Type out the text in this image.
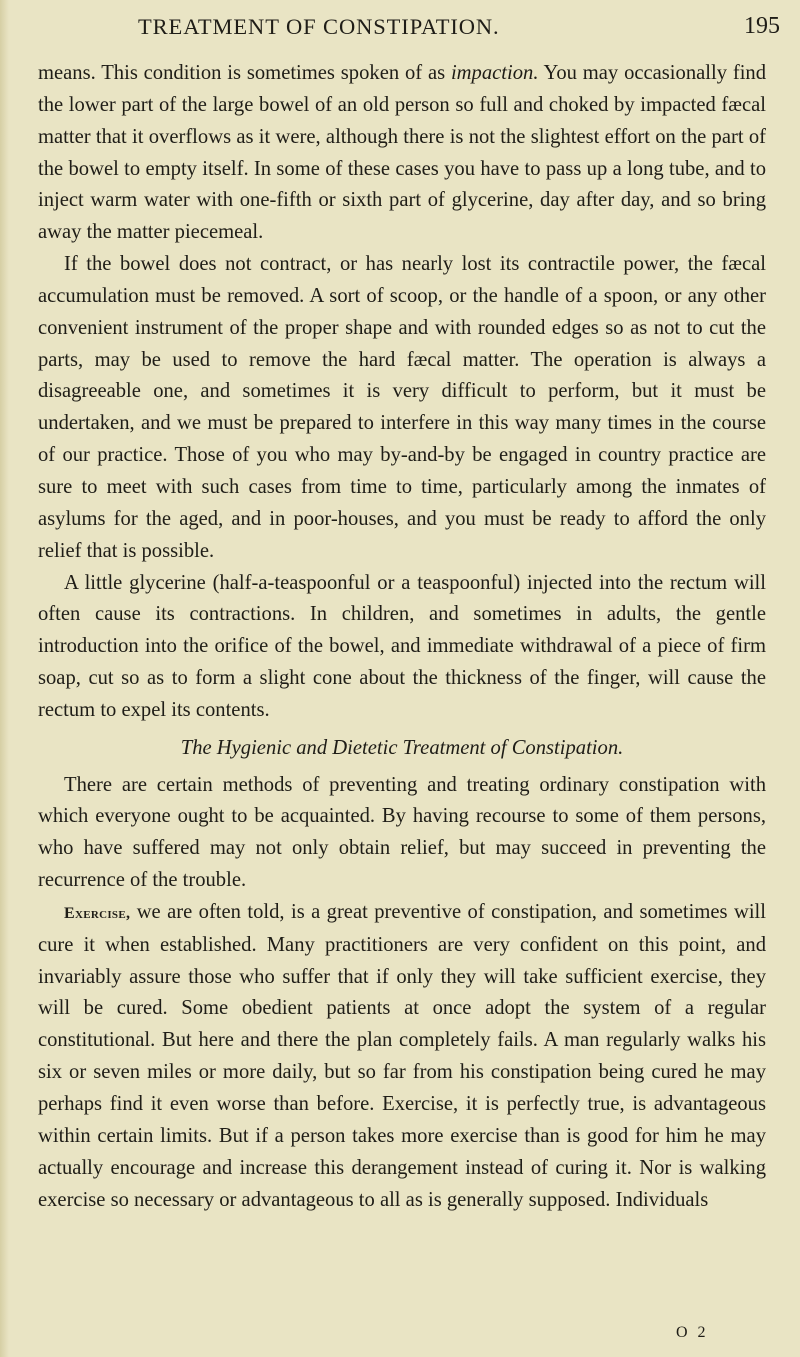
TREATMENT OF CONSTIPATION.	195

means. This condition is sometimes spoken of as impaction. You may occasionally find the lower part of the large bowel of an old person so full and choked by impacted fæcal matter that it overflows as it were, although there is not the slightest effort on the part of the bowel to empty itself. In some of these cases you have to pass up a long tube, and to inject warm water with one-fifth or sixth part of glycerine, day after day, and so bring away the matter piecemeal.

If the bowel does not contract, or has nearly lost its contractile power, the fæcal accumulation must be removed. A sort of scoop, or the handle of a spoon, or any other convenient instrument of the proper shape and with rounded edges so as not to cut the parts, may be used to remove the hard fæcal matter. The operation is always a disagreeable one, and sometimes it is very difficult to perform, but it must be undertaken, and we must be prepared to interfere in this way many times in the course of our practice. Those of you who may by-and-by be engaged in country practice are sure to meet with such cases from time to time, particularly among the inmates of asylums for the aged, and in poor-houses, and you must be ready to afford the only relief that is possible.

A little glycerine (half-a-teaspoonful or a teaspoonful) injected into the rectum will often cause its contractions. In children, and sometimes in adults, the gentle introduction into the orifice of the bowel, and immediate withdrawal of a piece of firm soap, cut so as to form a slight cone about the thickness of the finger, will cause the rectum to expel its contents.

The Hygienic and Dietetic Treatment of Constipation.

There are certain methods of preventing and treating ordinary constipation with which everyone ought to be acquainted. By having recourse to some of them persons, who have suffered may not only obtain relief, but may succeed in preventing the recurrence of the trouble.

Exercise, we are often told, is a great preventive of constipation, and sometimes will cure it when established. Many practitioners are very confident on this point, and invariably assure those who suffer that if only they will take sufficient exercise, they will be cured. Some obedient patients at once adopt the system of a regular constitutional. But here and there the plan completely fails. A man regularly walks his six or seven miles or more daily, but so far from his constipation being cured he may perhaps find it even worse than before. Exercise, it is perfectly true, is advantageous within certain limits. But if a person takes more exercise than is good for him he may actually encourage and increase this derangement instead of curing it. Nor is walking exercise so necessary or advantageous to all as is generally supposed. Individuals

O 2
